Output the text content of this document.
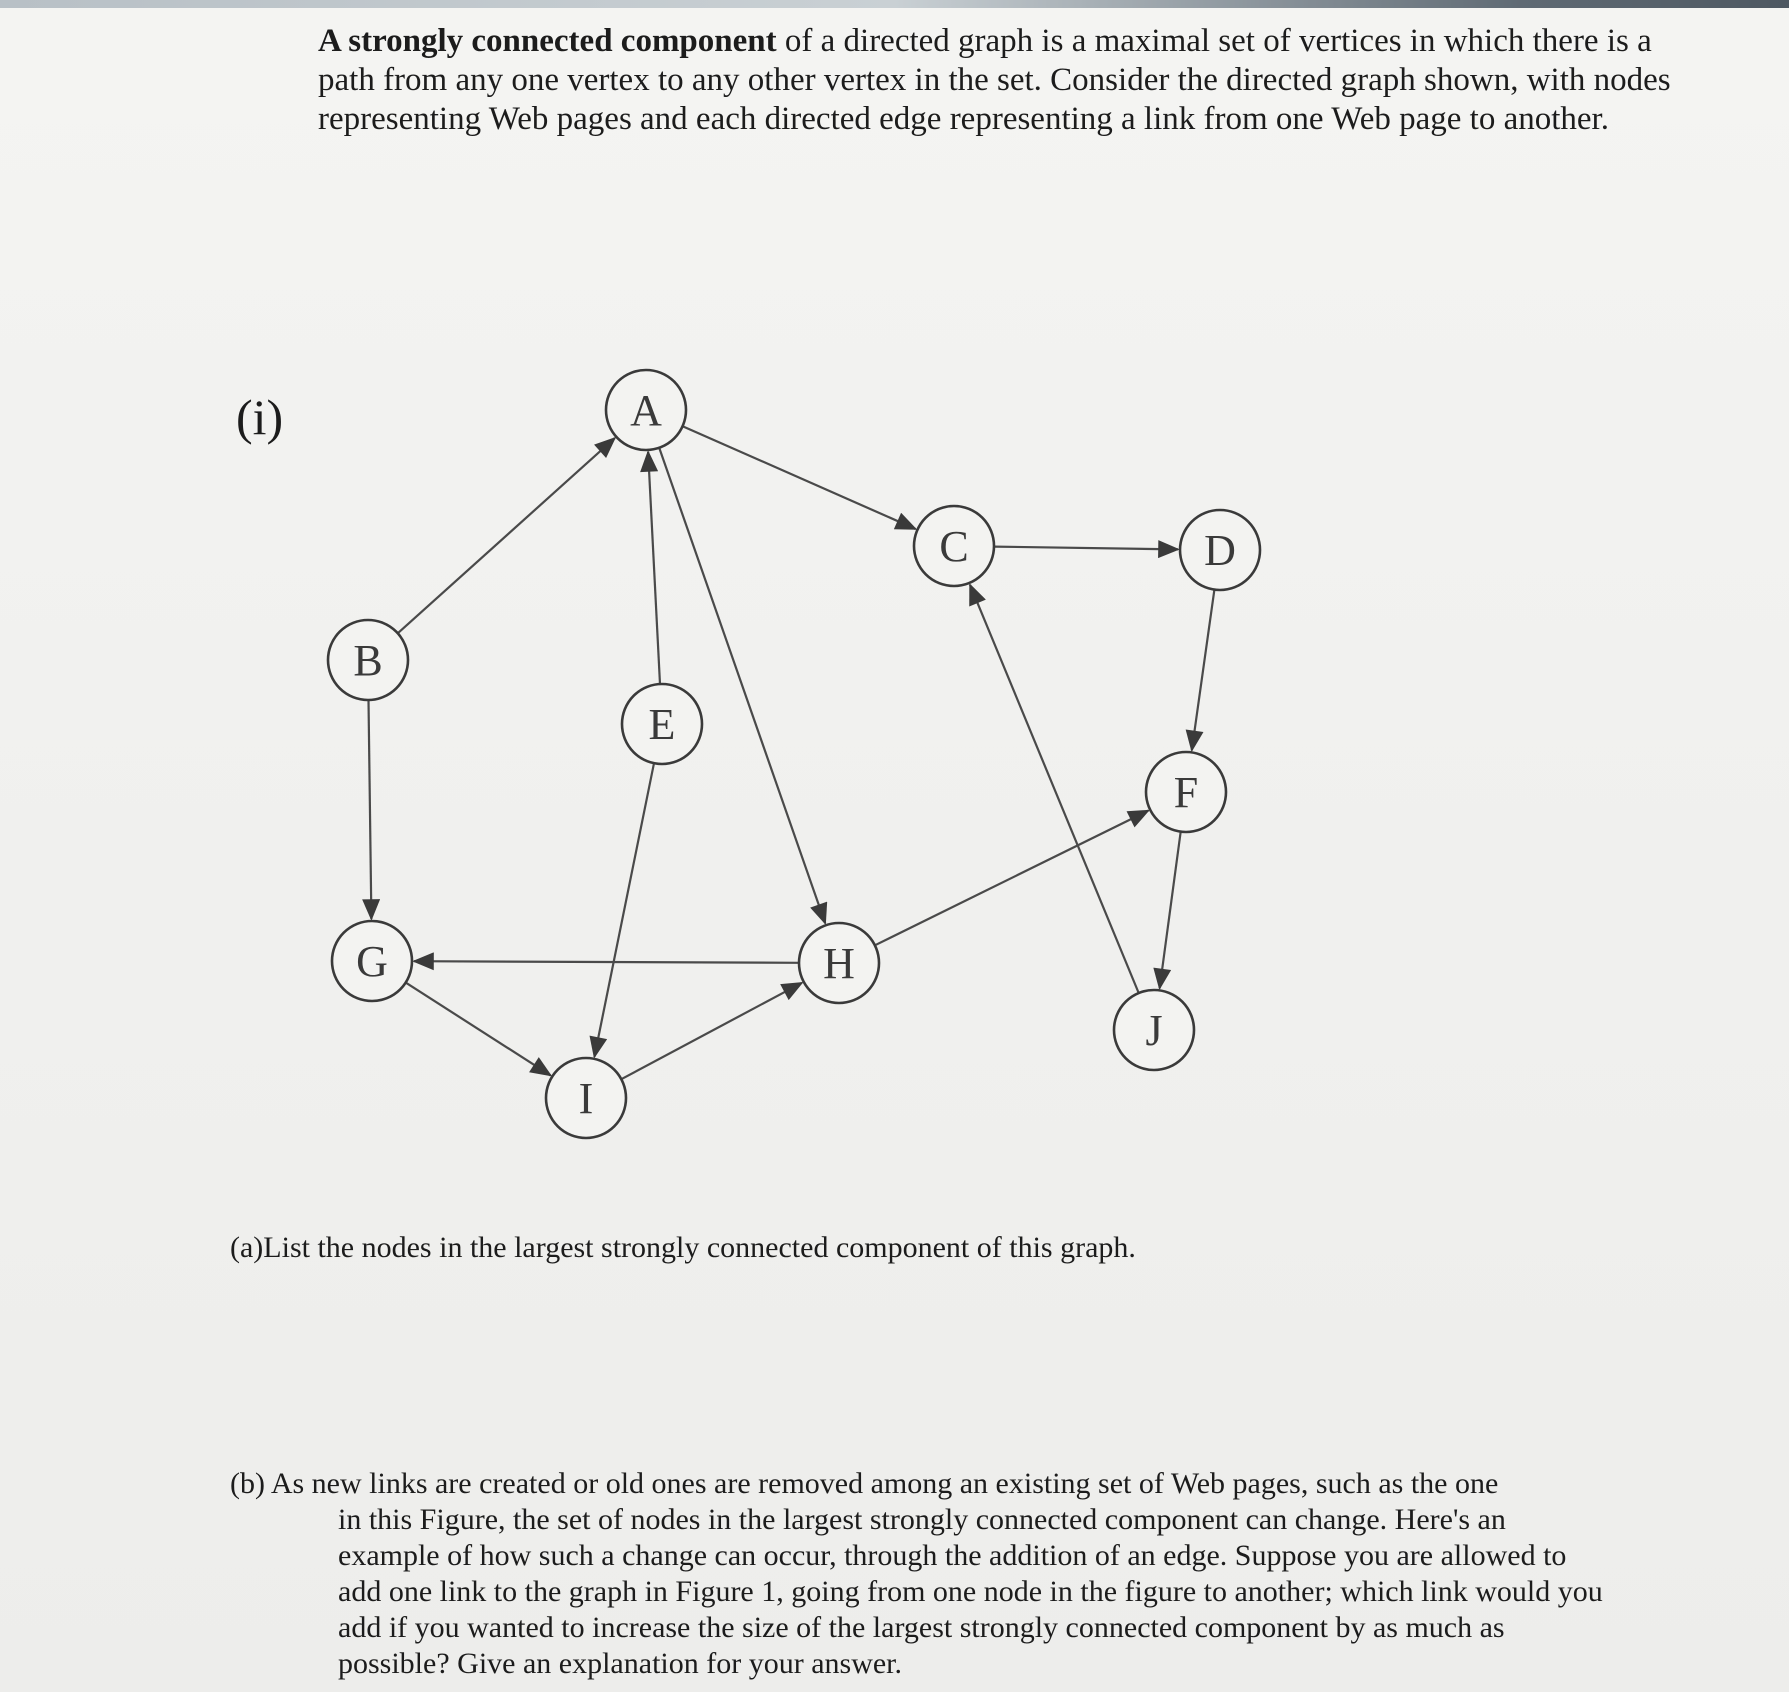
A strongly connected component of a directed graph is a maximal set of vertices in which there is a path from any one vertex to any other vertex in the set. Consider the directed graph shown, with nodes representing Web pages and each directed edge representing a link from one Web page to another.
(i)	A
B
C	D
E
F
G	H
I
J
(a)List the nodes in the largest strongly connected component of this graph.
(b) As new links are created or old ones are removed among an existing set of Web pages, such as the one
in this Figure, the set of nodes in the largest strongly connected component can change. Here's an example of how such a change can occur, through the addition of an edge. Suppose you are allowed to add one link to the graph in Figure 1, going from one node in the figure to another; which link would you add if you wanted to increase the size of the largest strongly connected component by as much as possible? Give an explanation for your answer.
